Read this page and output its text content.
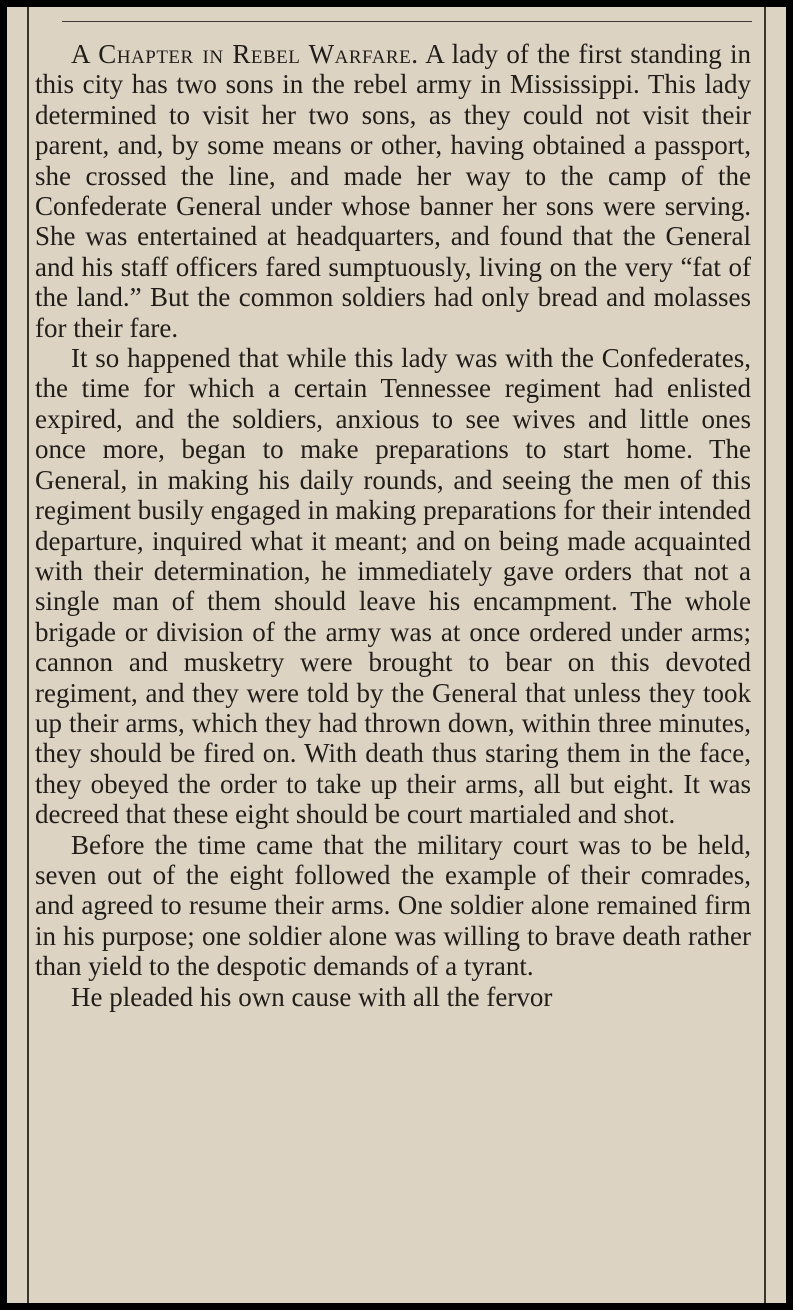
A Chapter in Rebel Warfare. A lady of the first standing in this city has two sons in the rebel army in Mississippi. This lady determined to visit her two sons, as they could not visit their parent, and, by some means or other, having obtained a passport, she crossed the line, and made her way to the camp of the Confederate General under whose banner her sons were serving. She was entertained at headquarters, and found that the General and his staff officers fared sumptuously, living on the very “fat of the land.” But the common soldiers had only bread and molasses for their fare.

It so happened that while this lady was with the Confederates, the time for which a certain Tennessee regiment had enlisted expired, and the soldiers, anxious to see wives and little ones once more, began to make preparations to start home. The General, in making his daily rounds, and seeing the men of this regiment busily engaged in making preparations for their intended departure, inquired what it meant; and on being made acquainted with their determination, he immediately gave orders that not a single man of them should leave his encampment. The whole brigade or division of the army was at once ordered under arms; cannon and musketry were brought to bear on this devoted regiment, and they were told by the General that unless they took up their arms, which they had thrown down, within three minutes, they should be fired on. With death thus staring them in the face, they obeyed the order to take up their arms, all but eight. It was decreed that these eight should be court martialed and shot.

Before the time came that the military court was to be held, seven out of the eight followed the example of their comrades, and agreed to resume their arms. One soldier alone remained firm in his purpose; one soldier alone was willing to brave death rather than yield to the despotic demands of a tyrant.

He pleaded his own cause with all the fervor
